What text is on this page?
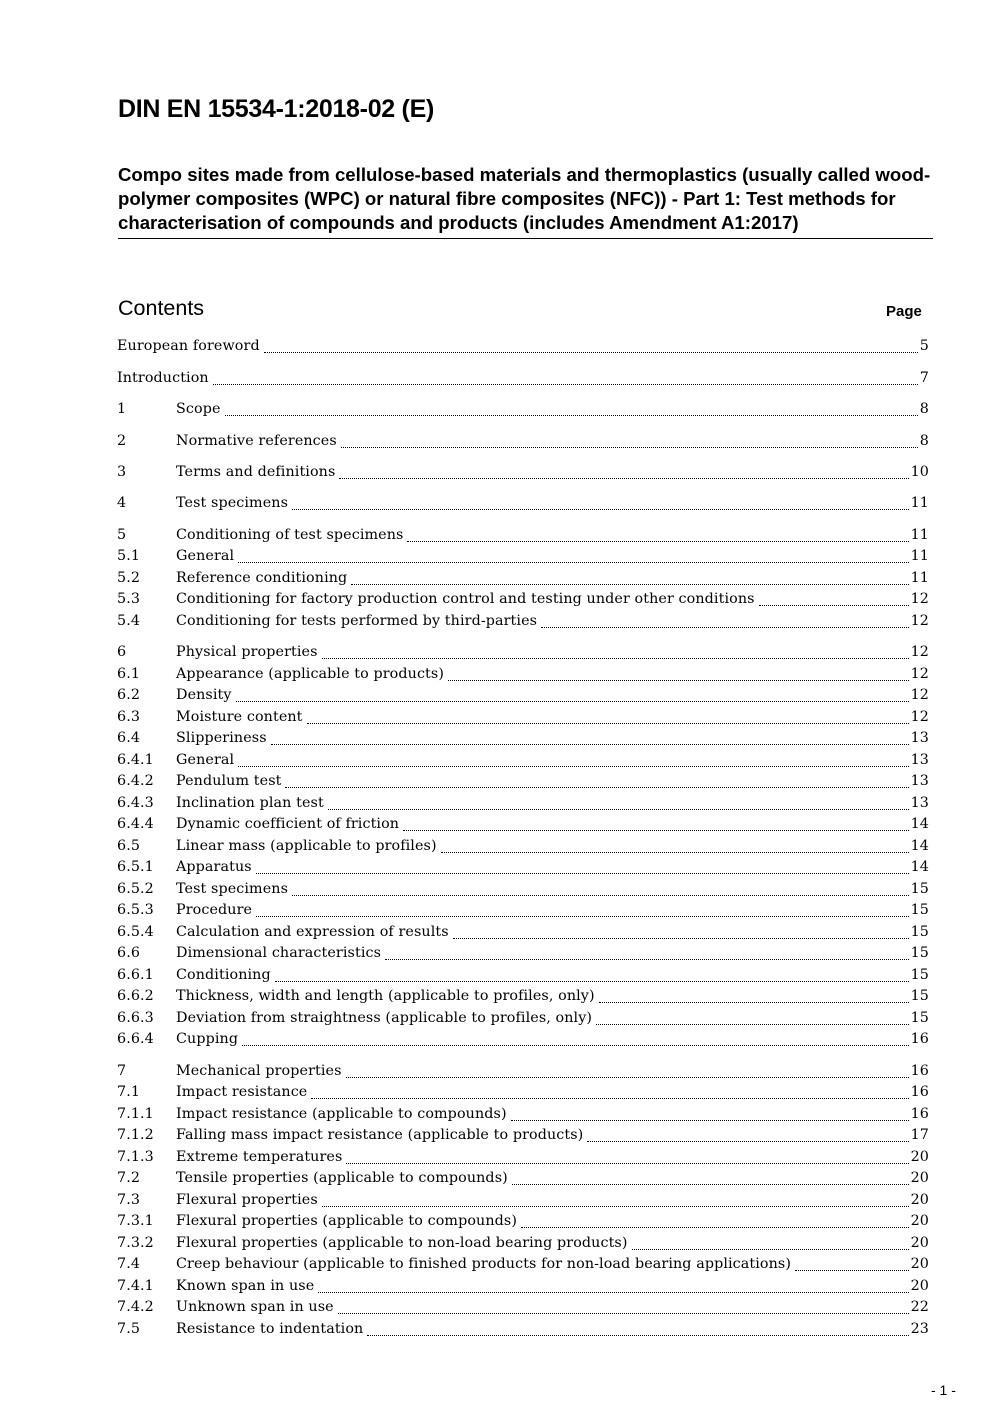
DIN EN 15534-1:2018-02 (E)
Compo sites made from cellulose-based materials and thermoplastics (usually called wood-polymer composites (WPC) or natural fibre composites (NFC)) - Part 1: Test methods for characterisation of compounds and products (includes Amendment A1:2017)
Contents	Page
European foreword	5
Introduction	7
1	Scope	8
2	Normative references	8
3	Terms and definitions	10
4	Test specimens	11
5	Conditioning of test specimens	11
5.1	General	11
5.2	Reference conditioning	11
5.3	Conditioning for factory production control and testing under other conditions	12
5.4	Conditioning for tests performed by third-parties	12
6	Physical properties	12
6.1	Appearance (applicable to products)	12
6.2	Density	12
6.3	Moisture content	12
6.4	Slipperiness	13
6.4.1	General	13
6.4.2	Pendulum test	13
6.4.3	Inclination plan test	13
6.4.4	Dynamic coefficient of friction	14
6.5	Linear mass (applicable to profiles)	14
6.5.1	Apparatus	14
6.5.2	Test specimens	15
6.5.3	Procedure	15
6.5.4	Calculation and expression of results	15
6.6	Dimensional characteristics	15
6.6.1	Conditioning	15
6.6.2	Thickness, width and length (applicable to profiles, only)	15
6.6.3	Deviation from straightness (applicable to profiles, only)	15
6.6.4	Cupping	16
7	Mechanical properties	16
7.1	Impact resistance	16
7.1.1	Impact resistance (applicable to compounds)	16
7.1.2	Falling mass impact resistance (applicable to products)	17
7.1.3	Extreme temperatures	20
7.2	Tensile properties (applicable to compounds)	20
7.3	Flexural properties	20
7.3.1	Flexural properties (applicable to compounds)	20
7.3.2	Flexural properties (applicable to non-load bearing products)	20
7.4	Creep behaviour (applicable to finished products for non-load bearing applications)	20
7.4.1	Known span in use	20
7.4.2	Unknown span in use	22
7.5	Resistance to indentation	23
- 1 -
